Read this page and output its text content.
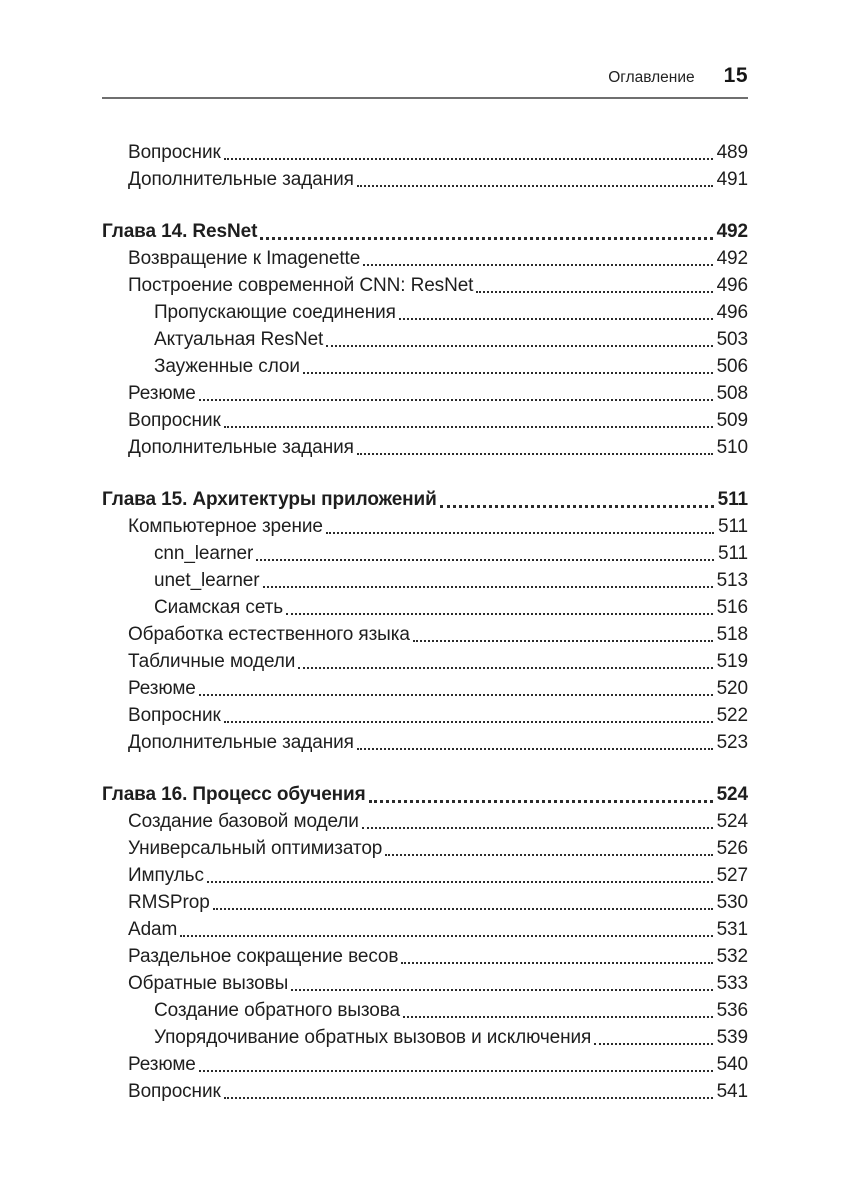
Оглавление 15
Вопросник	489
Дополнительные задания	491
Глава 14. ResNet	492
Возвращение к Imagenette	492
Построение современной CNN: ResNet	496
Пропускающие соединения	496
Актуальная ResNet	503
Зауженные слои	506
Резюме	508
Вопросник	509
Дополнительные задания	510
Глава 15. Архитектуры приложений	511
Компьютерное зрение	511
cnn_learner	511
unet_learner	513
Сиамская сеть	516
Обработка естественного языка	518
Табличные модели	519
Резюме	520
Вопросник	522
Дополнительные задания	523
Глава 16. Процесс обучения	524
Создание базовой модели	524
Универсальный оптимизатор	526
Импульс	527
RMSProp	530
Adam	531
Раздельное сокращение весов	532
Обратные вызовы	533
Создание обратного вызова	536
Упорядочивание обратных вызовов и исключения	539
Резюме	540
Вопросник	541
